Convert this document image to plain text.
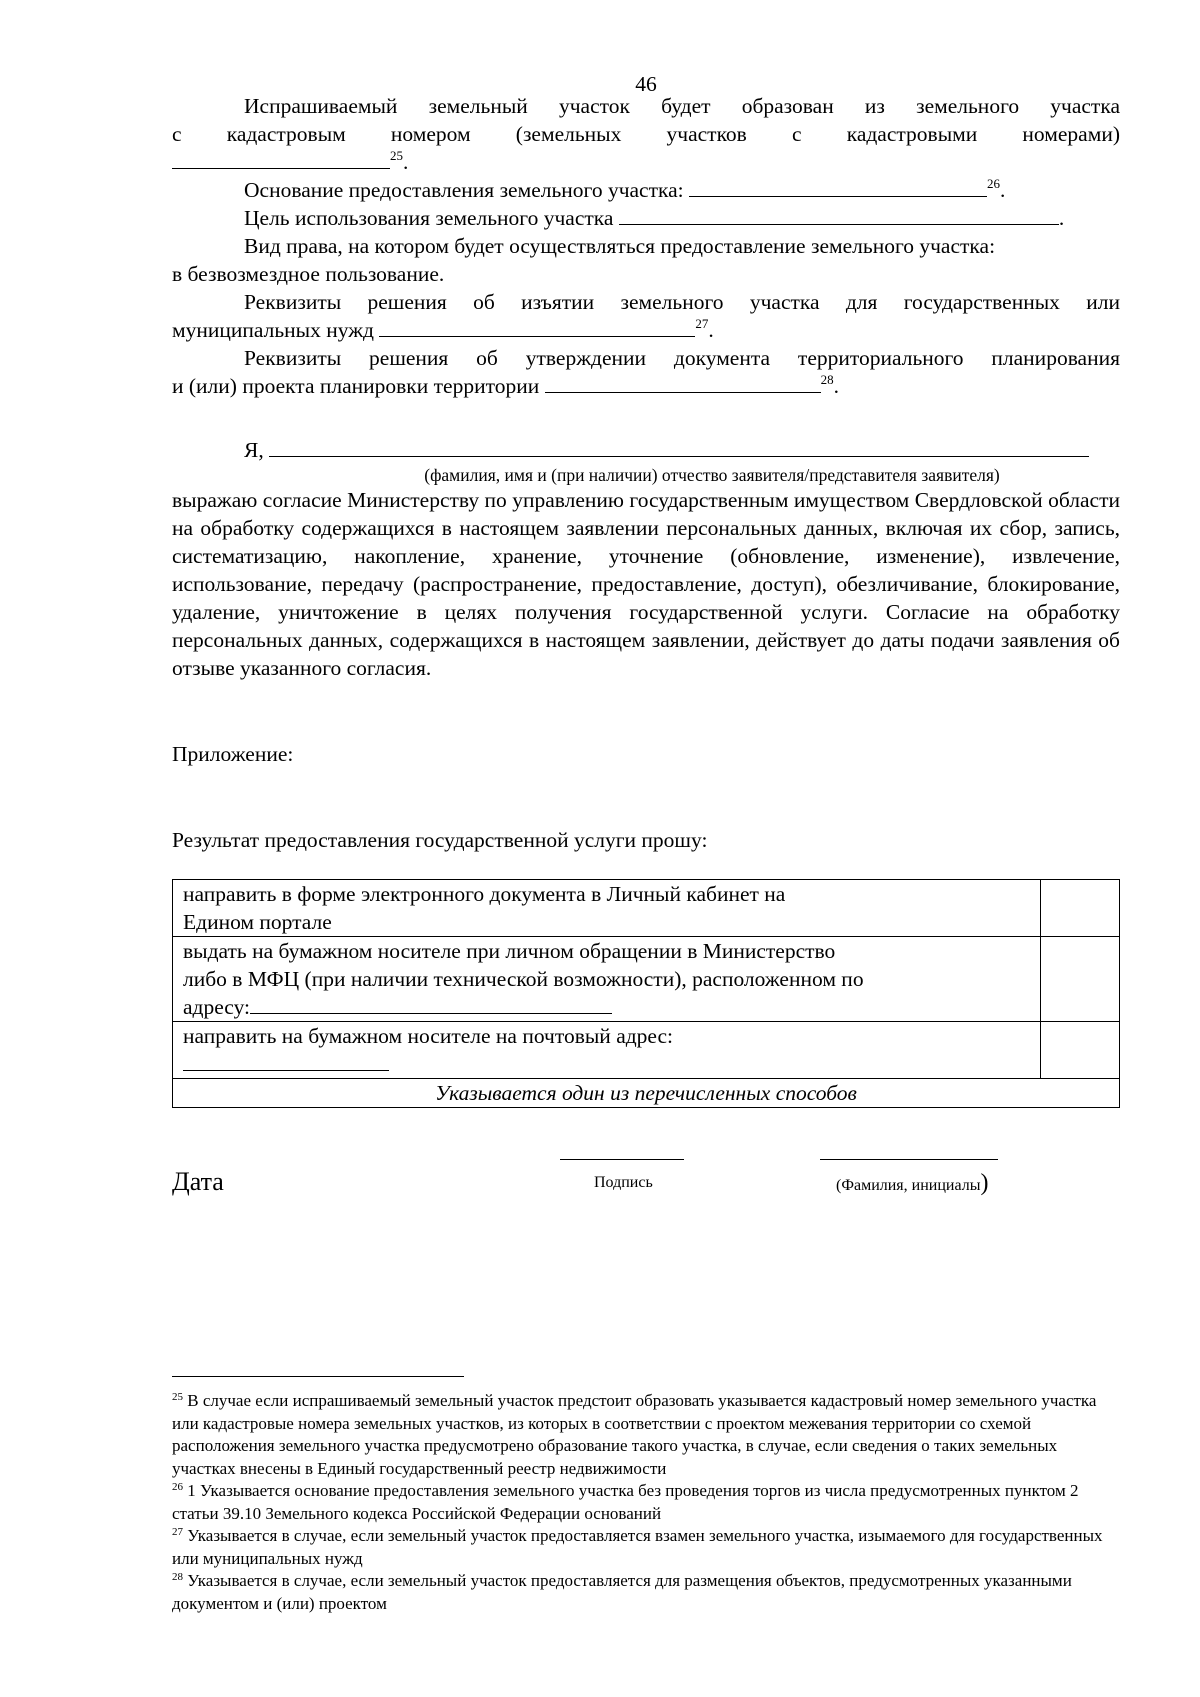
46
Испрашиваемый земельный участок будет образован из земельного участка
с кадастровым номером (земельных участков с кадастровыми номерами)
$^{25}$.
Основание предоставления земельного участка:	$^{26}$.
Цель использования земельного участка	.
Вид права, на котором будет осуществляться предоставление земельного участка:
в безвозмездное пользование.
Реквизиты решения об изъятии земельного участка для государственных или
муниципальных нужд	$^{27}$.
Реквизиты решения об утверждении документа территориального планирования
и (или) проекта планировки территории	$^{28}$.
Я,
(фамилия, имя и (при наличии) отчество заявителя/представителя заявителя)
выражаю согласие Министерству по управлению государственным имуществом Свердловской области на обработку содержащихся в настоящем заявлении персональных данных, включая их сбор, запись, систематизацию, накопление, хранение, уточнение (обновление, изменение), извлечение, использование, передачу (распространение, предоставление, доступ), обезличивание, блокирование, удаление, уничтожение в целях получения государственной услуги. Согласие на обработку персональных данных, содержащихся в настоящем заявлении, действует до даты подачи заявления об отзыве указанного согласия.
Приложение:
Результат предоставления государственной услуги прошу:
направить в форме электронного документа в Личный кабинет на
Едином портале	

выдать на бумажном носителе при личном обращении в Министерство
либо в МФЦ (при наличии технической возможности), расположенном по
адресу:	

направить на бумажном носителе на почтовый адрес:	

Указывается один из перечисленных способов	
Дата	Подпись	(Фамилия, инициалы)

$^{25}$ В случае если испрашиваемый земельный участок предстоит образовать указывается кадастровый номер земельного участка или кадастровые номера земельных участков, из которых в соответствии с проектом межевания территории со схемой расположения земельного участка предусмотрено образование такого участка, в случае, если сведения о таких земельных участках внесены в Единый государственный реестр недвижимости

$^{26}$ 1 Указывается основание предоставления земельного участка без проведения торгов из числа предусмотренных пунктом 2 статьи 39.10 Земельного кодекса Российской Федерации оснований

$^{27}$ Указывается в случае, если земельный участок предоставляется взамен земельного участка, изымаемого для государственных или муниципальных нужд

$^{28}$ Указывается в случае, если земельный участок предоставляется для размещения объектов, предусмотренных указанными документом и (или) проектом
